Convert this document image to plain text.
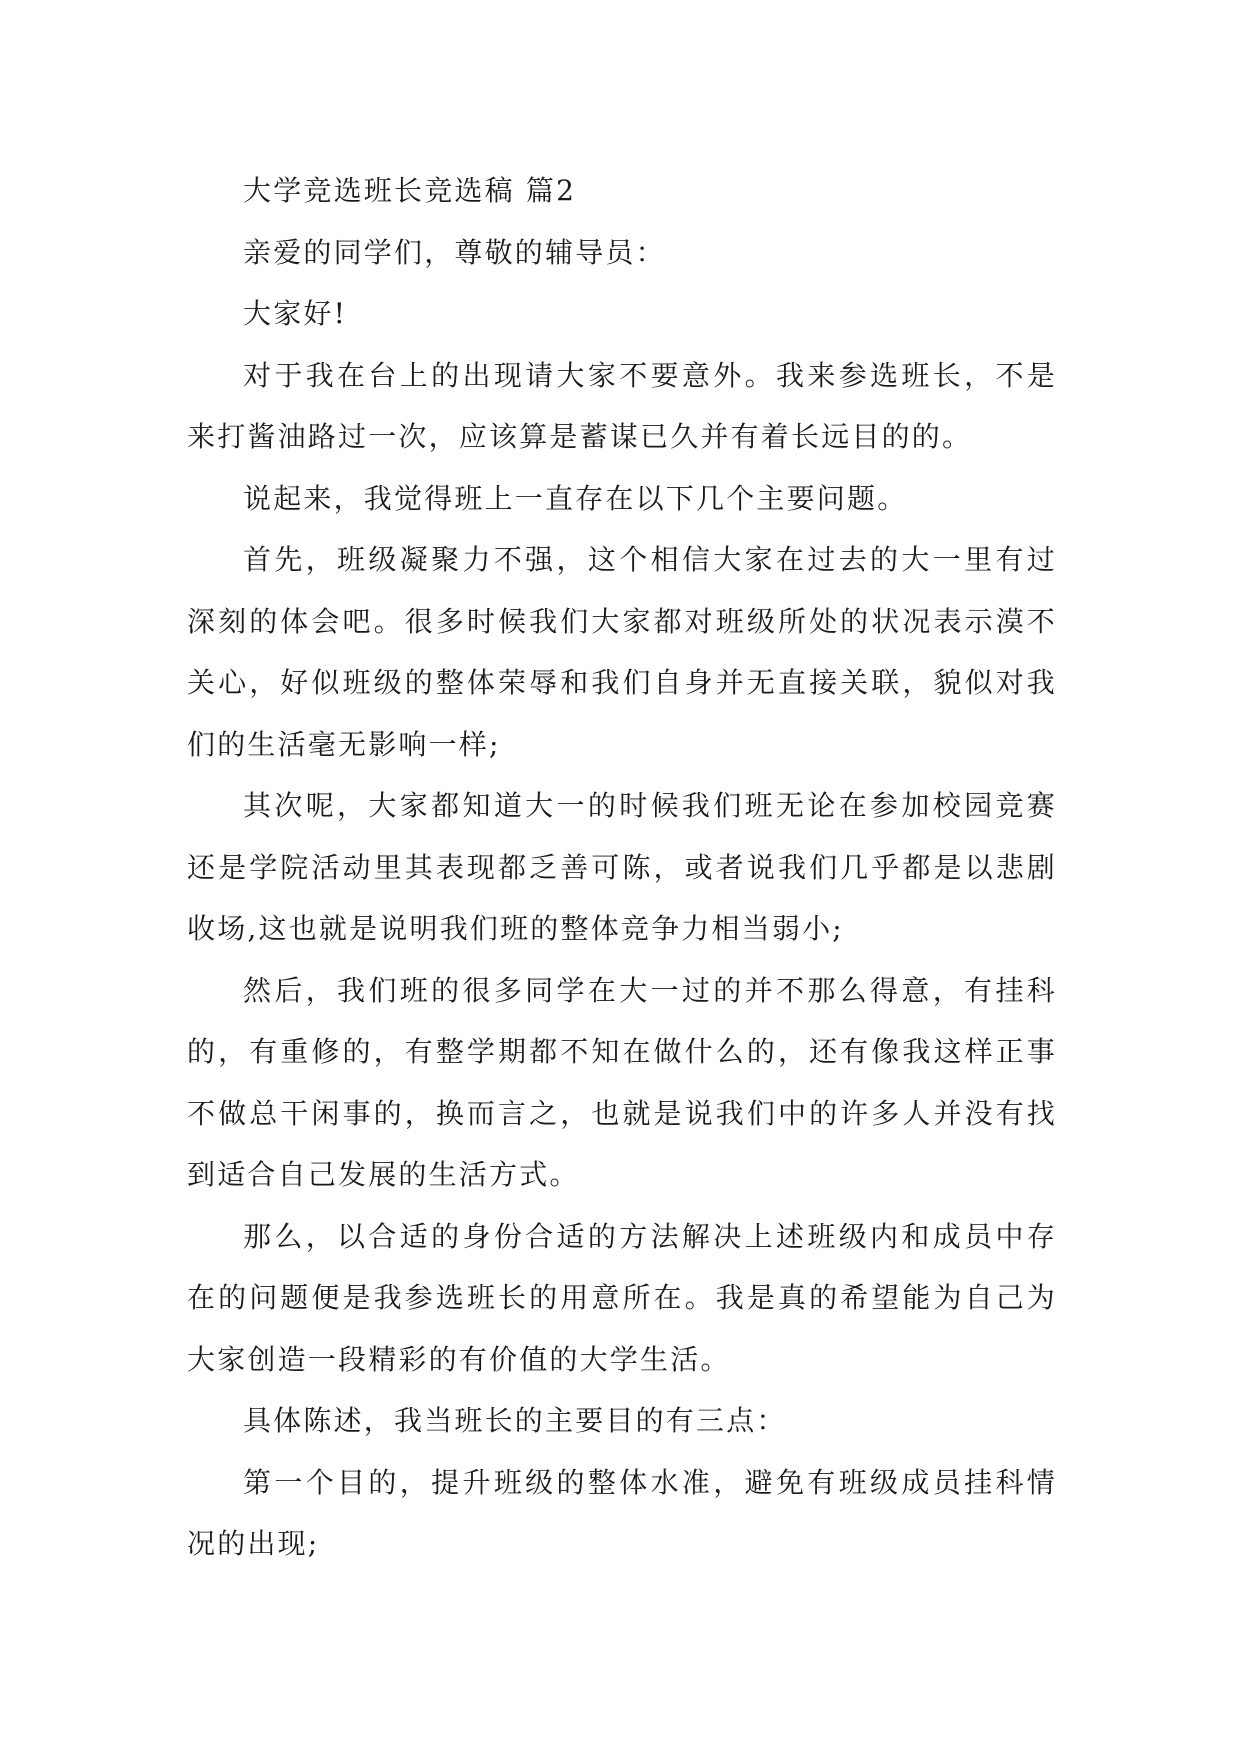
大学竞选班长竞选稿 篇2

亲爱的同学们，尊敬的辅导员：

大家好!

对于我在台上的出现请大家不要意外。我来参选班长，不是来打酱油路过一次，应该算是蓄谋已久并有着长远目的的。

说起来，我觉得班上一直存在以下几个主要问题。

首先，班级凝聚力不强，这个相信大家在过去的大一里有过深刻的体会吧。很多时候我们大家都对班级所处的状况表示漠不关心，好似班级的整体荣辱和我们自身并无直接关联，貌似对我们的生活毫无影响一样;

其次呢，大家都知道大一的时候我们班无论在参加校园竞赛还是学院活动里其表现都乏善可陈，或者说我们几乎都是以悲剧收场,这也就是说明我们班的整体竞争力相当弱小;

然后，我们班的很多同学在大一过的并不那么得意，有挂科的，有重修的，有整学期都不知在做什么的，还有像我这样正事不做总干闲事的，换而言之，也就是说我们中的许多人并没有找到适合自己发展的生活方式。

那么，以合适的身份合适的方法解决上述班级内和成员中存在的问题便是我参选班长的用意所在。我是真的希望能为自己为大家创造一段精彩的有价值的大学生活。

具体陈述，我当班长的主要目的有三点：

第一个目的，提升班级的整体水准，避免有班级成员挂科情况的出现;
